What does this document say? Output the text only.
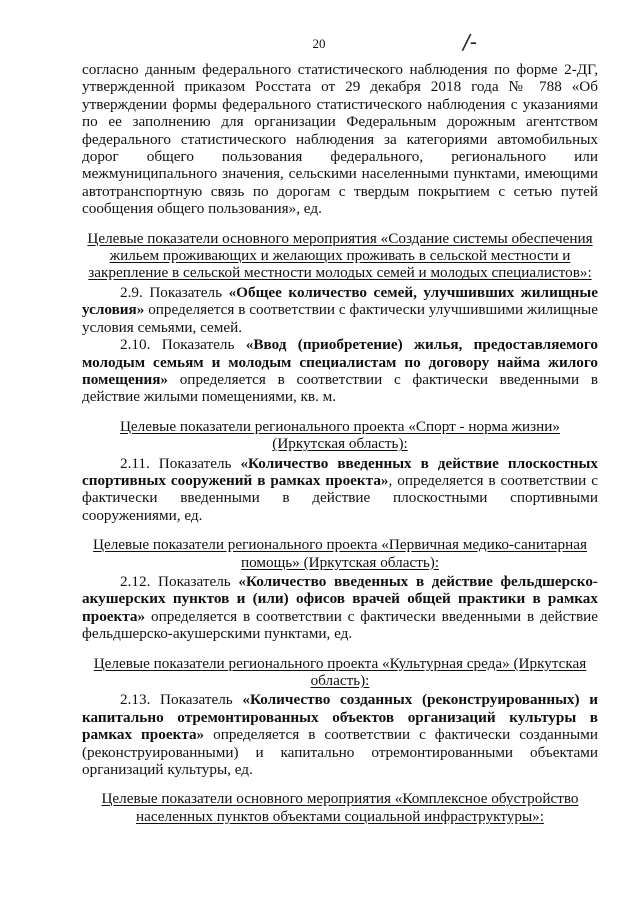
20	/-

согласно данным федерального статистического наблюдения по форме 2-ДГ, утвержденной приказом Росстата от 29 декабря 2018 года № 788 «Об утверждении формы федерального статистического наблюдения с указаниями по ее заполнению для организации Федеральным дорожным агентством федерального статистического наблюдения за категориями автомобильных дорог общего пользования федерального, регионального или межмуниципального значения, сельскими населенными пунктами, имеющими автотранспортную связь по дорогам с твердым покрытием с сетью путей сообщения общего пользования», ед.

Целевые показатели основного мероприятия «Создание системы обеспечения жильем проживающих и желающих проживать в сельской местности и закрепление в сельской местности молодых семей и молодых специалистов»:

2.9. Показатель «Общее количество семей, улучшивших жилищные условия» определяется в соответствии с фактически улучшившими жилищные условия семьями, семей.

2.10. Показатель «Ввод (приобретение) жилья, предоставляемого молодым семьям и молодым специалистам по договору найма жилого помещения» определяется в соответствии с фактически введенными в действие жилыми помещениями, кв. м.

Целевые показатели регионального проекта «Спорт - норма жизни» (Иркутская область):

2.11. Показатель «Количество введенных в действие плоскостных спортивных сооружений в рамках проекта», определяется в соответствии с фактически введенными в действие плоскостными спортивными сооружениями, ед.

Целевые показатели регионального проекта «Первичная медико-санитарная помощь» (Иркутская область):

2.12. Показатель «Количество введенных в действие фельдшерско-акушерских пунктов и (или) офисов врачей общей практики в рамках проекта» определяется в соответствии с фактически введенными в действие фельдшерско-акушерскими пунктами, ед.

Целевые показатели регионального проекта «Культурная среда» (Иркутская область):

2.13. Показатель «Количество созданных (реконструированных) и капитально отремонтированных объектов организаций культуры в рамках проекта» определяется в соответствии с фактически созданными (реконструированными) и капитально отремонтированными объектами организаций культуры, ед.

Целевые показатели основного мероприятия «Комплексное обустройство населенных пунктов объектами социальной инфраструктуры»:
